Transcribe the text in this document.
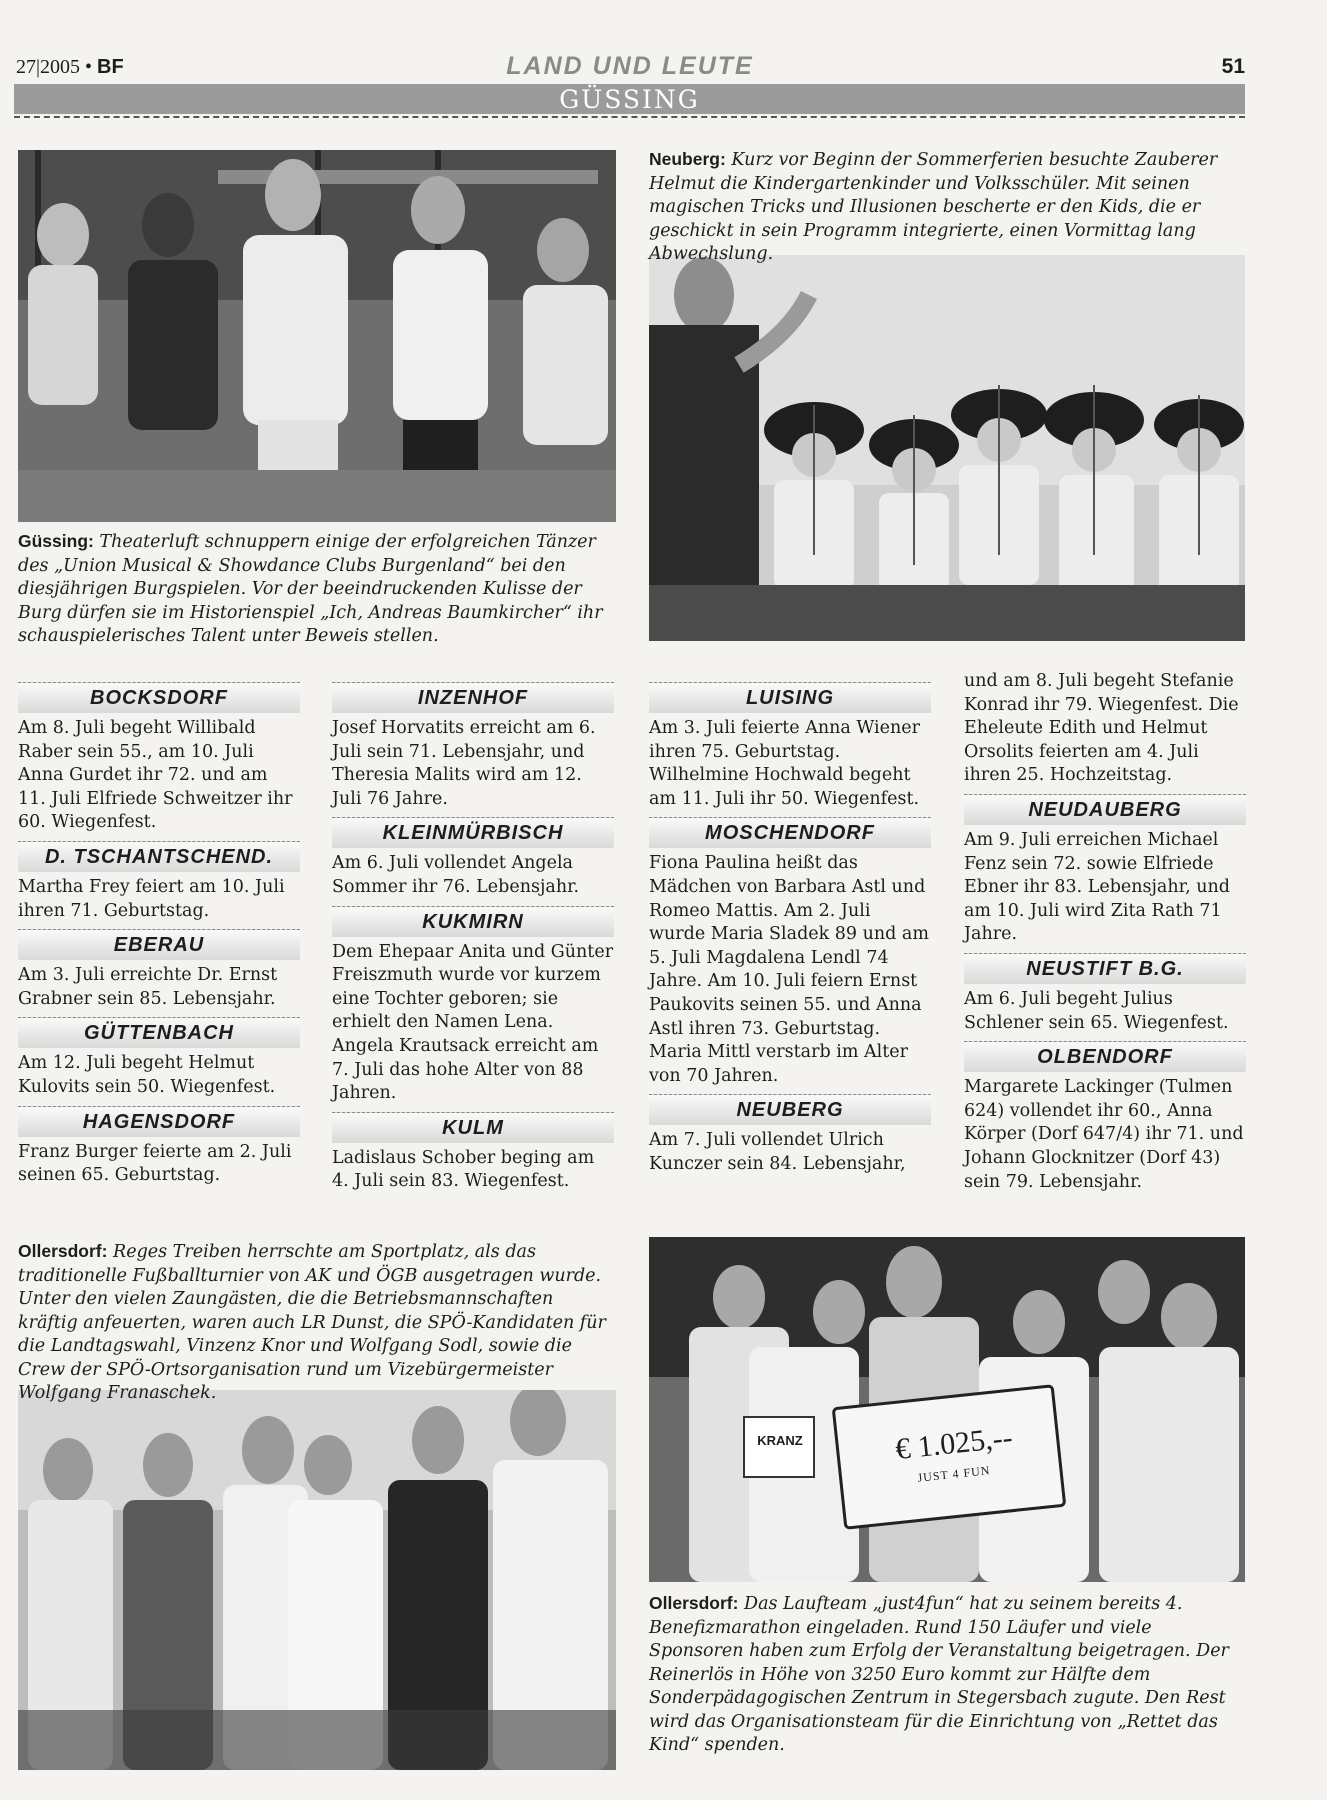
27|2005 • BF	LAND UND LEUTE	51
GÜSSING
KRANZ	€ 1.025,--
JUST 4 FUN
Neuberg: Kurz vor Beginn der Sommerferien besuchte Zauberer Helmut die Kindergartenkinder und Volksschüler. Mit seinen magischen Tricks und Illusionen bescherte er den Kids, die er geschickt in sein Programm integrierte, einen Vormittag lang Abwechslung.
Güssing: Theaterluft schnuppern einige der erfolgreichen Tänzer des „Union Musical & Showdance Clubs Burgenland“ bei den diesjährigen Burgspielen. Vor der beeindruckenden Kulisse der Burg dürfen sie im Historienspiel „Ich, Andreas Baumkircher“ ihr schauspielerisches Talent unter Beweis stellen.
Ollersdorf: Reges Treiben herrschte am Sportplatz, als das traditionelle Fußballturnier von AK und ÖGB ausgetragen wurde. Unter den vielen Zaungästen, die die Betriebsmannschaften kräftig anfeuerten, waren auch LR Dunst, die SPÖ-Kandidaten für die Landtagswahl, Vinzenz Knor und Wolfgang Sodl, sowie die Crew der SPÖ-Ortsorganisation rund um Vizebürgermeister Wolfgang Franaschek.
Ollersdorf: Das Laufteam „just4fun“ hat zu seinem bereits 4. Benefizmarathon eingeladen. Rund 150 Läufer und viele Sponsoren haben zum Erfolg der Veranstaltung beigetragen. Der Reinerlös in Höhe von 3250 Euro kommt zur Hälfte dem Sonderpädagogischen Zentrum in Stegersbach zugute. Den Rest wird das Organisationsteam für die Einrichtung von „Rettet das Kind“ spenden.
BOCKSDORF

Am 8. Juli begeht Willibald Raber sein 55., am 10. Juli Anna Gurdet ihr 72. und am 11. Juli Elfriede Schweitzer ihr 60. Wiegenfest.

D. TSCHANTSCHEND.

Martha Frey feiert am 10. Juli ihren 71. Geburtstag.

EBERAU

Am 3. Juli erreichte Dr. Ernst Grabner sein 85. Lebensjahr.

GÜTTENBACH

Am 12. Juli begeht Helmut Kulovits sein 50. Wiegenfest.

HAGENSDORF

Franz Burger feierte am 2. Juli seinen 65. Geburtstag.

INZENHOF

Josef Horvatits erreicht am 6. Juli sein 71. Lebensjahr, und Theresia Malits wird am 12. Juli 76 Jahre.

KLEINMÜRBISCH

Am 6. Juli vollendet Angela Sommer ihr 76. Lebensjahr.

KUKMIRN

Dem Ehepaar Anita und Günter Freiszmuth wurde vor kurzem eine Tochter geboren; sie erhielt den Namen Lena. Angela Krautsack erreicht am 7. Juli das hohe Alter von 88 Jahren.

KULM

Ladislaus Schober beging am 4. Juli sein 83. Wiegenfest.

LUISING

Am 3. Juli feierte Anna Wiener ihren 75. Geburtstag. Wilhelmine Hochwald begeht am 11. Juli ihr 50. Wiegenfest.

MOSCHENDORF

Fiona Paulina heißt das Mädchen von Barbara Astl und Romeo Mattis. Am 2. Juli wurde Maria Sladek 89 und am 5. Juli Magdalena Lendl 74 Jahre. Am 10. Juli feiern Ernst Paukovits seinen 55. und Anna Astl ihren 73. Geburtstag. Maria Mittl verstarb im Alter von 70 Jahren.

NEUBERG

Am 7. Juli vollendet Ulrich Kunczer sein 84. Lebensjahr,

und am 8. Juli begeht Stefanie Konrad ihr 79. Wiegenfest. Die Eheleute Edith und Helmut Orsolits feierten am 4. Juli ihren 25. Hochzeitstag.

NEUDAUBERG

Am 9. Juli erreichen Michael Fenz sein 72. sowie Elfriede Ebner ihr 83. Lebensjahr, und am 10. Juli wird Zita Rath 71 Jahre.

NEUSTIFT B.G.

Am 6. Juli begeht Julius Schlener sein 65. Wiegenfest.

OLBENDORF

Margarete Lackinger (Tulmen 624) vollendet ihr 60., Anna Körper (Dorf 647/4) ihr 71. und Johann Glocknitzer (Dorf 43) sein 79. Lebensjahr.
